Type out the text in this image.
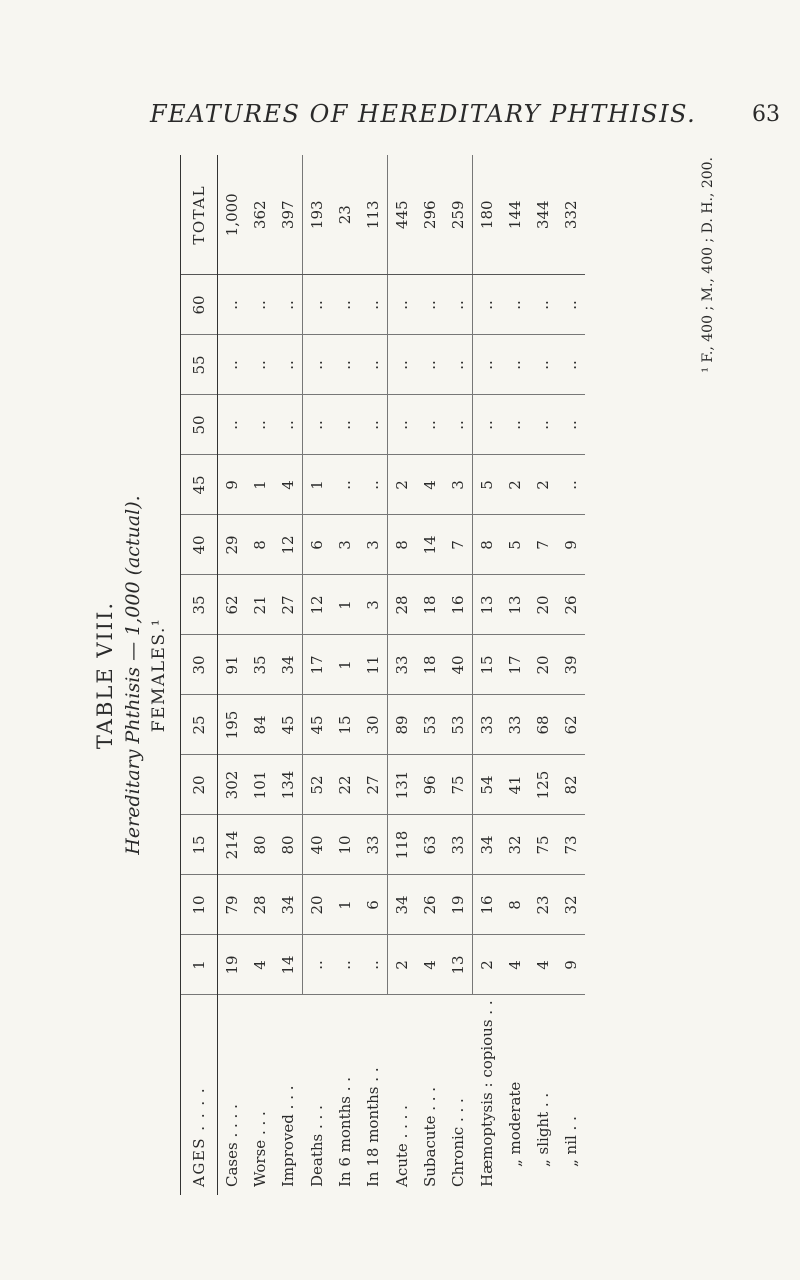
FEATURES OF HEREDITARY PHTHISIS.	63
TABLE VIII. Hereditary Phthisis — 1,000 (actual). FEMALES.¹
AGES . . . .	1	10	15	20	25	30	35	40	45	50	55	60	TOTAL
Cases . . . .	19	79	214	302	195	91	62	29	9	..	..	..	1,000
Worse . . .	4	28	80	101	84	35	21	8	1	..	..	..	362
Improved . . .	14	34	80	134	45	34	27	12	4	..	..	..	397
Deaths . . .	..	20	40	52	45	17	12	6	1	..	..	..	193
In 6 months . .	..	1	10	22	15	1	1	3	..	..	..	..	23
In 18 months . .	..	6	33	27	30	11	3	3	..	..	..	..	113
Acute . . . .	2	34	118	131	89	33	28	8	2	..	..	..	445
Subacute . . .	4	26	63	96	53	18	18	14	4	..	..	..	296
Chronic . . .	13	19	33	75	53	40	16	7	3	..	..	..	259
Hæmoptysis : copious . .	2	16	34	54	33	15	13	8	5	..	..	..	180
„ moderate	4	8	32	41	33	17	13	5	2	..	..	..	144
„ slight . .	4	23	75	125	68	20	20	7	2	..	..	..	344
„ nil . .	9	32	73	82	62	39	26	9	..	..	..	..	332	¹ F., 400 ; M., 400 ; D. H., 200.
